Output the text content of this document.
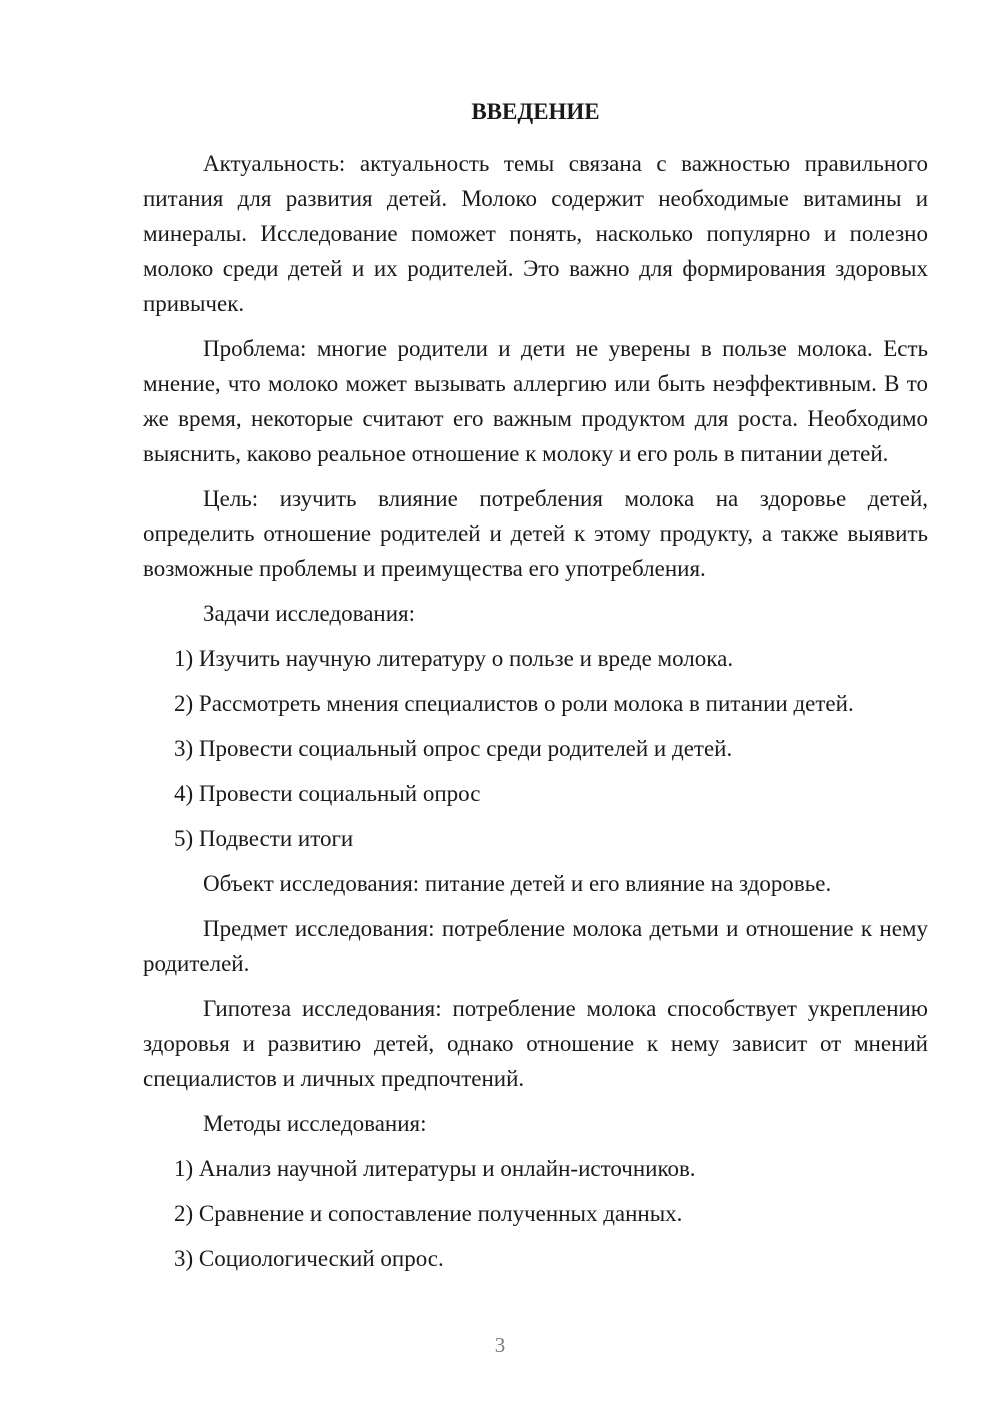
ВВЕДЕНИЕ

Актуальность: актуальность темы связана с важностью правильного питания для развития детей. Молоко содержит необходимые витамины и минералы. Исследование поможет понять, насколько популярно и полезно молоко среди детей и их родителей. Это важно для формирования здоровых привычек.

Проблема: многие родители и дети не уверены в пользе молока. Есть мнение, что молоко может вызывать аллергию или быть неэффективным. В то же время, некоторые считают его важным продуктом для роста. Необходимо выяснить, каково реальное отношение к молоку и его роль в питании детей.

Цель: изучить влияние потребления молока на здоровье детей, определить отношение родителей и детей к этому продукту, а также выявить возможные проблемы и преимущества его употребления.

Задачи исследования:

1) Изучить научную литературу о пользе и вреде молока.
2) Рассмотреть мнения специалистов о роли молока в питании детей.
3) Провести социальный опрос среди родителей и детей.
4) Провести социальный опрос
5) Подвести итоги

Объект исследования: питание детей и его влияние на здоровье.

Предмет исследования: потребление молока детьми и отношение к нему родителей.

Гипотеза исследования: потребление молока способствует укреплению здоровья и развитию детей, однако отношение к нему зависит от мнений специалистов и личных предпочтений.

Методы исследования:

1) Анализ научной литературы и онлайн-источников.
2) Сравнение и сопоставление полученных данных.
3) Социологический опрос.
3
